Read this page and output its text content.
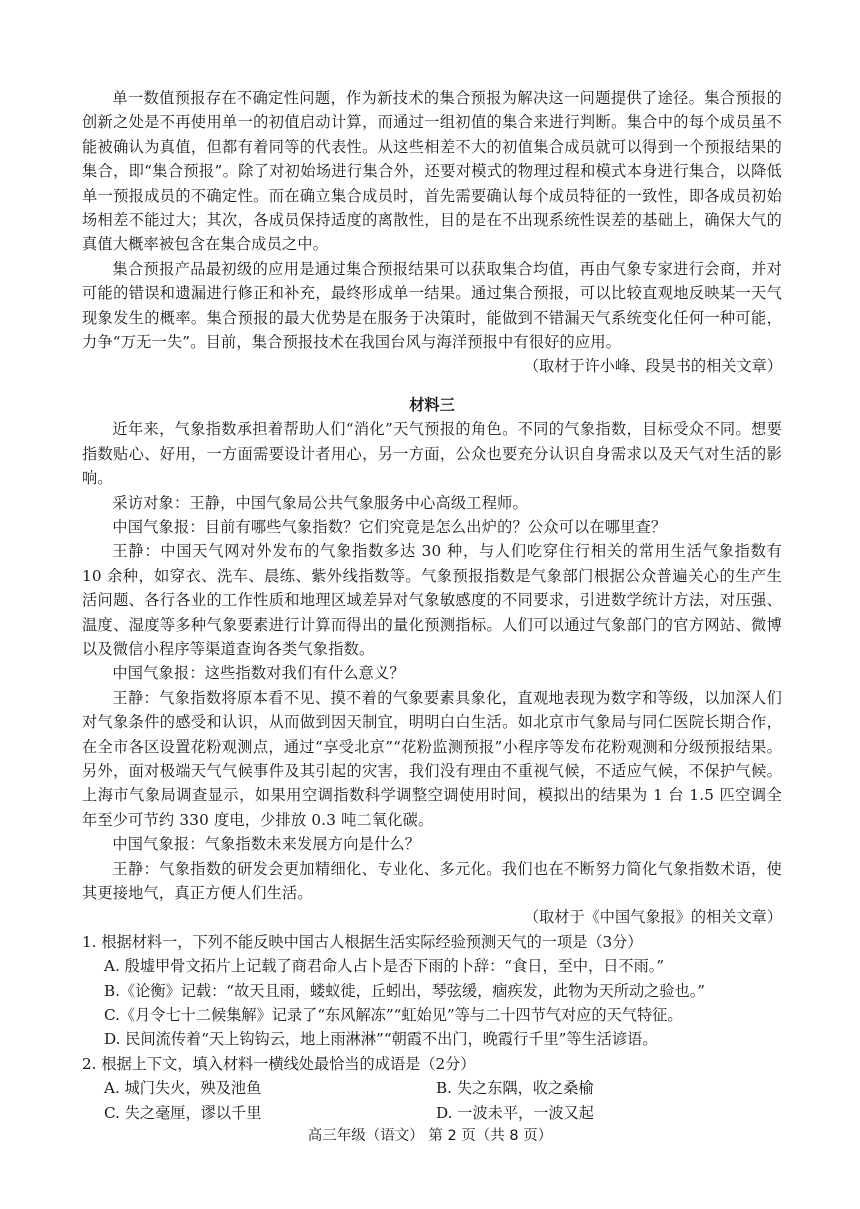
单一数值预报存在不确定性问题，作为新技术的集合预报为解决这一问题提供了途径。集合预报的创新之处是不再使用单一的初值启动计算，而通过一组初值的集合来进行判断。集合中的每个成员虽不能被确认为真值，但都有着同等的代表性。从这些相差不大的初值集合成员就可以得到一个预报结果的集合，即“集合预报”。除了对初始场进行集合外，还要对模式的物理过程和模式本身进行集合，以降低单一预报成员的不确定性。而在确立集合成员时，首先需要确认每个成员特征的一致性，即各成员初始场相差不能过大；其次，各成员保持适度的离散性，目的是在不出现系统性误差的基础上，确保大气的真值大概率被包含在集合成员之中。

集合预报产品最初级的应用是通过集合预报结果可以获取集合均值，再由气象专家进行会商，并对可能的错误和遗漏进行修正和补充，最终形成单一结果。通过集合预报，可以比较直观地反映某一天气现象发生的概率。集合预报的最大优势是在服务于决策时，能做到不错漏天气系统变化任何一种可能，力争“万无一失”。目前，集合预报技术在我国台风与海洋预报中有很好的应用。

（取材于许小峰、段昊书的相关文章）

材料三

近年来，气象指数承担着帮助人们“消化”天气预报的角色。不同的气象指数，目标受众不同。想要指数贴心、好用，一方面需要设计者用心，另一方面，公众也要充分认识自身需求以及天气对生活的影响。

采访对象：王静，中国气象局公共气象服务中心高级工程师。

中国气象报：目前有哪些气象指数？它们究竟是怎么出炉的？公众可以在哪里查？

王静：中国天气网对外发布的气象指数多达 30 种，与人们吃穿住行相关的常用生活气象指数有 10 余种，如穿衣、洗车、晨练、紫外线指数等。气象预报指数是气象部门根据公众普遍关心的生产生活问题、各行各业的工作性质和地理区域差异对气象敏感度的不同要求，引进数学统计方法，对压强、温度、湿度等多种气象要素进行计算而得出的量化预测指标。人们可以通过气象部门的官方网站、微博以及微信小程序等渠道查询各类气象指数。

中国气象报：这些指数对我们有什么意义？

王静：气象指数将原本看不见、摸不着的气象要素具象化，直观地表现为数字和等级，以加深人们对气象条件的感受和认识，从而做到因天制宜，明明白白生活。如北京市气象局与同仁医院长期合作，在全市各区设置花粉观测点，通过“享受北京”“花粉监测预报”小程序等发布花粉观测和分级预报结果。另外，面对极端天气气候事件及其引起的灾害，我们没有理由不重视气候，不适应气候，不保护气候。上海市气象局调查显示，如果用空调指数科学调整空调使用时间，模拟出的结果为 1 台 1.5 匹空调全年至少可节约 330 度电，少排放 0.3 吨二氧化碳。

中国气象报：气象指数未来发展方向是什么？

王静：气象指数的研发会更加精细化、专业化、多元化。我们也在不断努力简化气象指数术语，使其更接地气，真正方便人们生活。

（取材于《中国气象报》的相关文章）

1. 根据材料一，下列不能反映中国古人根据生活实际经验预测天气的一项是（3分）

A. 殷墟甲骨文拓片上记载了商君命人占卜是否下雨的卜辞：“食日，至中，日不雨。”

B.《论衡》记载：“故天且雨，蝼蚁徙，丘蚓出，琴弦缓，痼疾发，此物为天所动之验也。”

C.《月令七十二候集解》记录了“东风解冻”“虹始见”等与二十四节气对应的天气特征。

D. 民间流传着“天上钩钩云，地上雨淋淋”“朝霞不出门，晚霞行千里”等生活谚语。

2. 根据上下文，填入材料一横线处最恰当的成语是（2分）

A. 城门失火，殃及池鱼	B. 失之东隅，收之桑榆
C. 失之毫厘，谬以千里	D. 一波未平，一波又起
高三年级（语文） 第 2 页（共 8 页）
